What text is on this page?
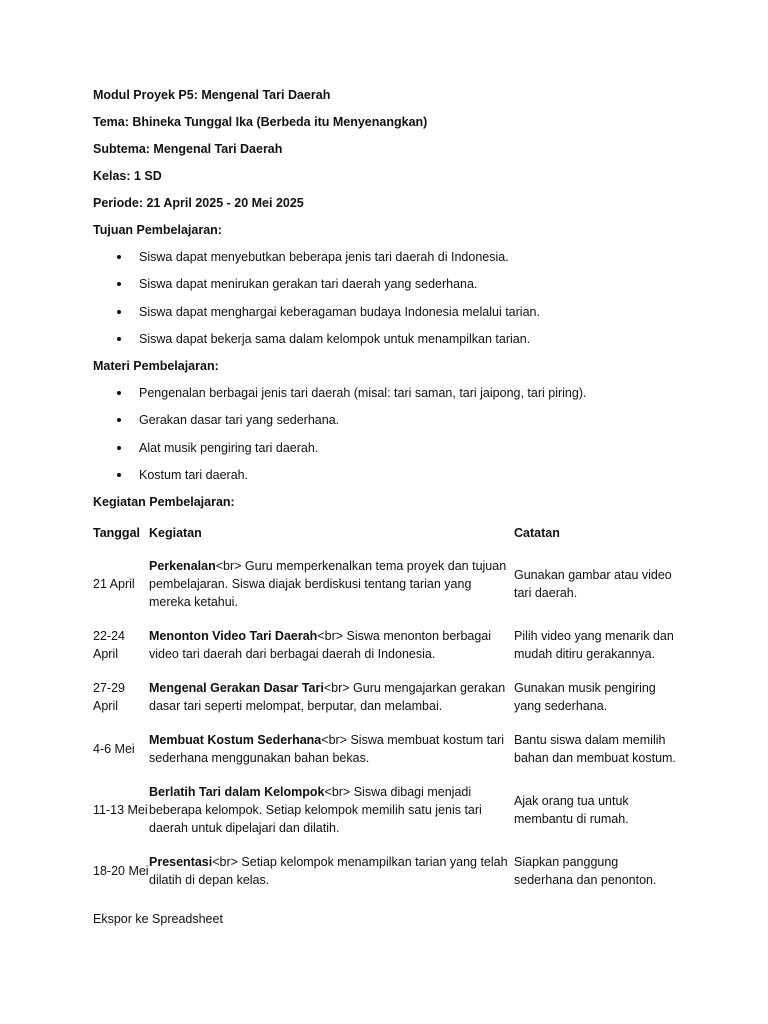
Modul Proyek P5: Mengenal Tari Daerah
Tema: Bhineka Tunggal Ika (Berbeda itu Menyenangkan)
Subtema: Mengenal Tari Daerah
Kelas: 1 SD
Periode: 21 April 2025 - 20 Mei 2025
Tujuan Pembelajaran:
Siswa dapat menyebutkan beberapa jenis tari daerah di Indonesia.
Siswa dapat menirukan gerakan tari daerah yang sederhana.
Siswa dapat menghargai keberagaman budaya Indonesia melalui tarian.
Siswa dapat bekerja sama dalam kelompok untuk menampilkan tarian.
Materi Pembelajaran:
Pengenalan berbagai jenis tari daerah (misal: tari saman, tari jaipong, tari piring).
Gerakan dasar tari yang sederhana.
Alat musik pengiring tari daerah.
Kostum tari daerah.
Kegiatan Pembelajaran:
Tanggal	Kegiatan	Catatan
21 April	Perkenalan<br> Guru memperkenalkan tema proyek dan tujuan pembelajaran. Siswa diajak berdiskusi tentang tarian yang mereka ketahui.	Gunakan gambar atau video tari daerah.
22-24 April	Menonton Video Tari Daerah<br> Siswa menonton berbagai video tari daerah dari berbagai daerah di Indonesia.	Pilih video yang menarik dan mudah ditiru gerakannya.
27-29 April	Mengenal Gerakan Dasar Tari<br> Guru mengajarkan gerakan dasar tari seperti melompat, berputar, dan melambai.	Gunakan musik pengiring yang sederhana.
4-6 Mei	Membuat Kostum Sederhana<br> Siswa membuat kostum tari sederhana menggunakan bahan bekas.	Bantu siswa dalam memilih bahan dan membuat kostum.
11-13 Mei	Berlatih Tari dalam Kelompok<br> Siswa dibagi menjadi beberapa kelompok. Setiap kelompok memilih satu jenis tari daerah untuk dipelajari dan dilatih.	Ajak orang tua untuk membantu di rumah.
18-20 Mei	Presentasi<br> Setiap kelompok menampilkan tarian yang telah dilatih di depan kelas.	Siapkan panggung sederhana dan penonton.
Ekspor ke Spreadsheet
